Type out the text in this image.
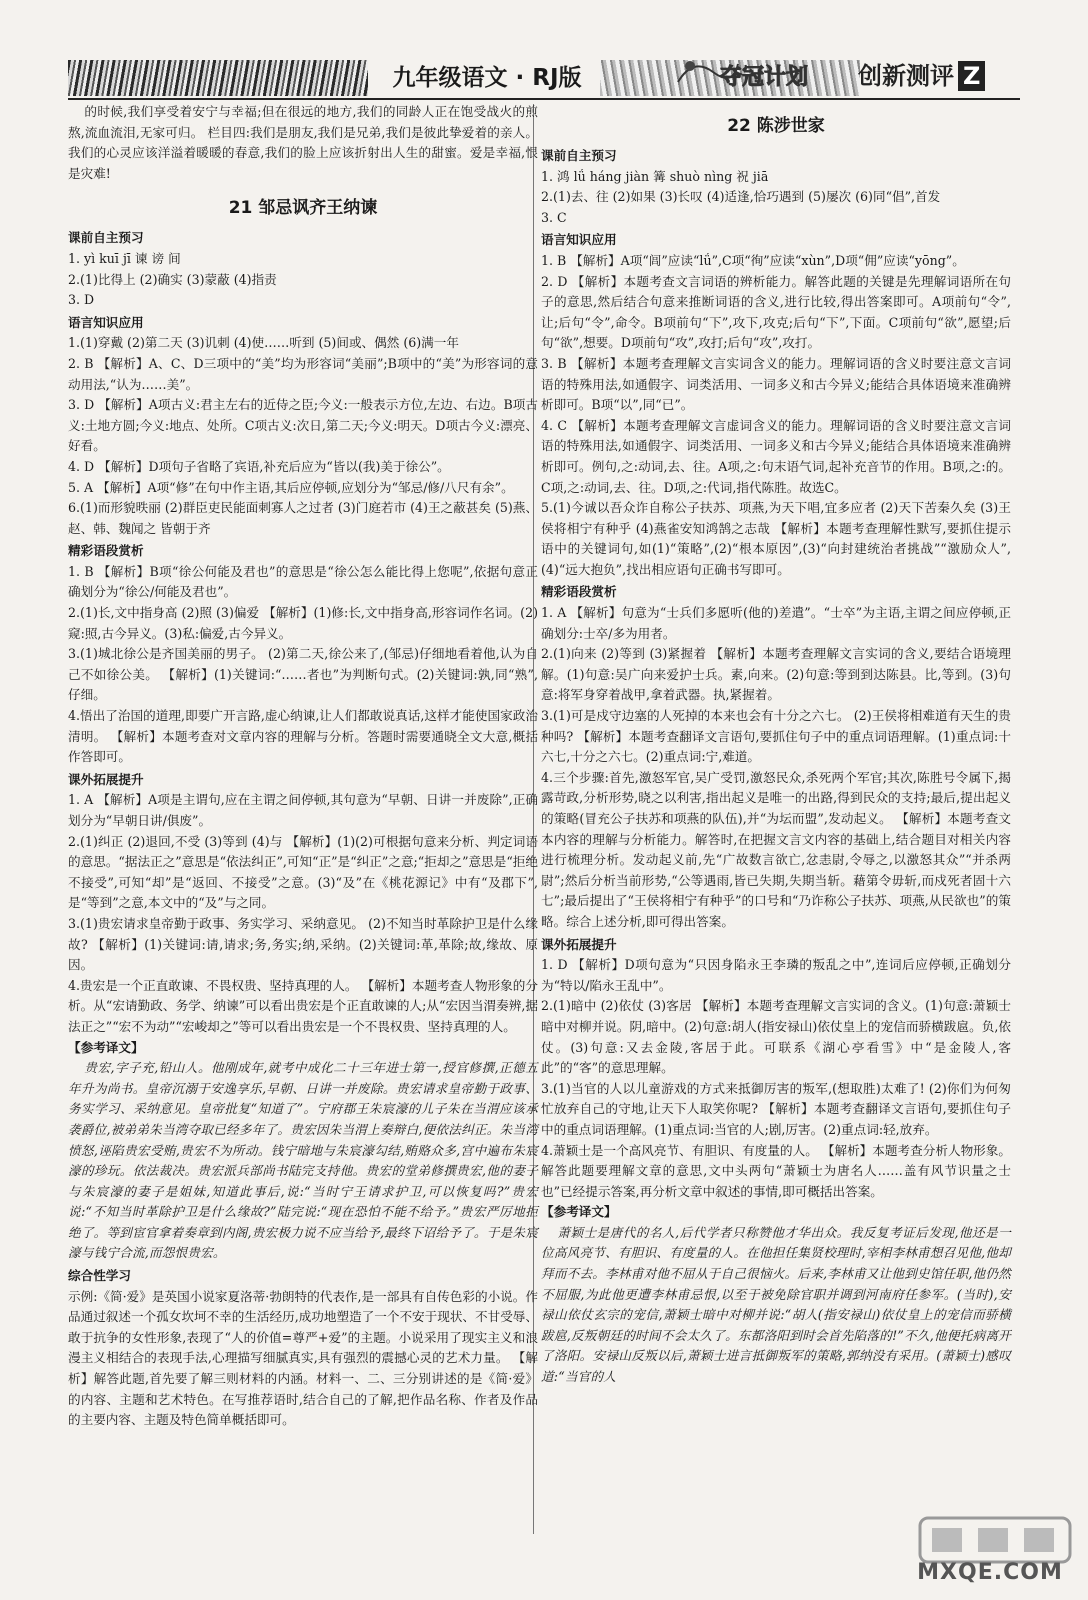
九年级语文 · RJ版	夺冠计划 创新测评 Z

的时候,我们享受着安宁与幸福;但在很远的地方,我们的同龄人正在饱受战火的煎熬,流血流泪,无家可归。 栏目四:我们是朋友,我们是兄弟,我们是彼此挚爱着的亲人。我们的心灵应该洋溢着暖暖的春意,我们的脸上应该折射出人生的甜蜜。爱是幸福,恨是灾难!

21 邹忌讽齐王纳谏
课前自主预习

1. yì kuī jī 谏 谤 间

2.(1)比得上 (2)确实 (3)蒙蔽 (4)指责

3. D

语言知识应用

1.(1)穿戴 (2)第二天 (3)讥刺 (4)使……听到 (5)间或、偶然 (6)满一年

2. B 【解析】A、C、D三项中的“美”均为形容词“美丽”;B项中的“美”为形容词的意动用法,“认为……美”。

3. D 【解析】A项古义:君主左右的近侍之臣;今义:一般表示方位,左边、右边。B项古义:土地方圆;今义:地点、处所。C项古义:次日,第二天;今义:明天。D项古今义:漂亮、好看。

4. D 【解析】D项句子省略了宾语,补充后应为“皆以(我)美于徐公”。

5. A 【解析】A项“修”在句中作主语,其后应停顿,应划分为“邹忌/修/八尺有余”。

6.(1)而形貌昳丽 (2)群臣吏民能面刺寡人之过者 (3)门庭若市 (4)王之蔽甚矣 (5)燕、赵、韩、魏闻之 皆朝于齐

精彩语段赏析

1. B 【解析】B项“徐公何能及君也”的意思是“徐公怎么能比得上您呢”,依据句意正确划分为“徐公/何能及君也”。

2.(1)长,文中指身高 (2)照 (3)偏爱 【解析】(1)修:长,文中指身高,形容词作名词。(2)窥:照,古今异义。(3)私:偏爱,古今异义。

3.(1)城北徐公是齐国美丽的男子。 (2)第二天,徐公来了,(邹忌)仔细地看着他,认为自己不如徐公美。 【解析】(1)关键词:“……者也”为判断句式。(2)关键词:孰,同“熟”,仔细。

4.悟出了治国的道理,即要广开言路,虚心纳谏,让人们都敢说真话,这样才能使国家政治清明。 【解析】本题考查对文章内容的理解与分析。答题时需要通晓全文大意,概括作答即可。

课外拓展提升

1. A 【解析】A项是主谓句,应在主谓之间停顿,其句意为“早朝、日讲一并废除”,正确划分为“早朝日讲/俱废”。

2.(1)纠正 (2)退回,不受 (3)等到 (4)与 【解析】(1)(2)可根据句意来分析、判定词语的意思。“据法正之”意思是“依法纠正”,可知“正”是“纠正”之意;“拒却之”意思是“拒绝不接受”,可知“却”是“返回、不接受”之意。(3)“及”在《桃花源记》中有“及郡下”,是“等到”之意,本文中的“及”与之同。

3.(1)贵宏请求皇帝勤于政事、务实学习、采纳意见。 (2)不知当时革除护卫是什么缘故? 【解析】(1)关键词:请,请求;务,务实;纳,采纳。(2)关键词:革,革除;故,缘故、原因。

4.贵宏是一个正直敢谏、不畏权贵、坚持真理的人。 【解析】本题考查人物形象的分析。从“宏请勤政、务学、纳谏”可以看出贵宏是个正直敢谏的人;从“宏因当渭奏辨,据法正之”“宏不为动”“宏峻却之”等可以看出贵宏是一个不畏权贵、坚持真理的人。

【参考译文】

贵宏,字子充,铅山人。他刚成年,就考中成化二十三年进士第一,授官修撰,正德五年升为尚书。皇帝沉溺于安逸享乐,早朝、日讲一并废除。贵宏请求皇帝勤于政事、务实学习、采纳意见。皇帝批复“知道了”。宁府郡王朱宸濠的儿子朱在当渭应该承袭爵位,被弟弟朱当湾夺取已经多年了。贵宏因朱当渭上奏辩白,便依法纠正。朱当湾愤怒,诬陷贵宏受贿,贵宏不为所动。钱宁暗地与朱宸濠勾结,贿赂众多,宫中遍布朱宸濠的珍玩。依法裁决。贵宏派兵部尚书陆完支持他。贵宏的堂弟修撰贵宏,他的妻子与朱宸濠的妻子是姐妹,知道此事后,说:“当时宁王请求护卫,可以恢复吗?”贵宏说:“不知当时革除护卫是什么缘故?”陆完说:“现在恐怕不能不给予。”贵宏严厉地拒绝了。等到宦官拿着奏章到内阁,贵宏极力说不应当给予,最终下诏给予了。于是朱宸濠与钱宁合流,而怨恨贵宏。

综合性学习

示例:《简·爱》是英国小说家夏洛蒂·勃朗特的代表作,是一部具有自传色彩的小说。作品通过叙述一个孤女坎坷不幸的生活经历,成功地塑造了一个不安于现状、不甘受辱、敢于抗争的女性形象,表现了“人的价值=尊严+爱”的主题。小说采用了现实主义和浪漫主义相结合的表现手法,心理描写细腻真实,具有强烈的震撼心灵的艺术力量。 【解析】解答此题,首先要了解三则材料的内涵。材料一、二、三分别讲述的是《简·爱》的内容、主题和艺术特色。在写推荐语时,结合自己的了解,把作品名称、作者及作品的主要内容、主题及特色简单概括即可。

22 陈涉世家
课前自主预习

1. 鸿 lǘ háng jiàn 篝 shuò nìng 祝 jiā

2.(1)去、往 (2)如果 (3)长叹 (4)适逢,恰巧遇到 (5)屡次 (6)同“倡”,首发

3. C

语言知识应用

1. B 【解析】A项“闾”应读“lǘ”,C项“徇”应读“xùn”,D项“佣”应读“yōng”。

2. D 【解析】本题考查文言词语的辨析能力。解答此题的关键是先理解词语所在句子的意思,然后结合句意来推断词语的含义,进行比较,得出答案即可。A项前句“令”,让;后句“令”,命令。B项前句“下”,攻下,攻克;后句“下”,下面。C项前句“欲”,愿望;后句“欲”,想要。D项前句“攻”,攻打;后句“攻”,攻打。

3. B 【解析】本题考查理解文言实词含义的能力。理解词语的含义时要注意文言词语的特殊用法,如通假字、词类活用、一词多义和古今异义;能结合具体语境来准确辨析即可。B项“以”,同“已”。

4. C 【解析】本题考查理解文言虚词含义的能力。理解词语的含义时要注意文言词语的特殊用法,如通假字、词类活用、一词多义和古今异义;能结合具体语境来准确辨析即可。例句,之:动词,去、往。A项,之:句末语气词,起补充音节的作用。B项,之:的。C项,之:动词,去、往。D项,之:代词,指代陈胜。故选C。

5.(1)今诚以吾众诈自称公子扶苏、项燕,为天下唱,宜多应者 (2)天下苦秦久矣 (3)王侯将相宁有种乎 (4)燕雀安知鸿鹄之志哉 【解析】本题考查理解性默写,要抓住提示语中的关键词句,如(1)“策略”,(2)“根本原因”,(3)“向封建统治者挑战”“激励众人”,(4)“远大抱负”,找出相应语句正确书写即可。

精彩语段赏析

1. A 【解析】句意为“士兵们多愿听(他的)差遣”。“士卒”为主语,主谓之间应停顿,正确划分:士卒/多为用者。

2.(1)向来 (2)等到 (3)紧握着 【解析】本题考查理解文言实词的含义,要结合语境理解。(1)句意:吴广向来爱护士兵。素,向来。(2)句意:等到到达陈县。比,等到。(3)句意:将军身穿着战甲,拿着武器。执,紧握着。

3.(1)可是戍守边塞的人死掉的本来也会有十分之六七。 (2)王侯将相难道有天生的贵种吗? 【解析】本题考查翻译文言语句,要抓住句子中的重点词语理解。(1)重点词:十六七,十分之六七。(2)重点词:宁,难道。

4.三个步骤:首先,激怒军官,吴广受罚,激怒民众,杀死两个军官;其次,陈胜号令属下,揭露苛政,分析形势,晓之以利害,指出起义是唯一的出路,得到民众的支持;最后,提出起义的策略(冒充公子扶苏和项燕的队伍),并“为坛而盟”,发动起义。 【解析】本题考查文本内容的理解与分析能力。解答时,在把握文言文内容的基础上,结合题目对相关内容进行梳理分析。发动起义前,先“广故数言欲亡,忿恚尉,令辱之,以激怒其众”“并杀两尉”;然后分析当前形势,“公等遇雨,皆已失期,失期当斩。藉第令毋斩,而戍死者固十六七”;最后提出了“王侯将相宁有种乎”的口号和“乃诈称公子扶苏、项燕,从民欲也”的策略。综合上述分析,即可得出答案。

课外拓展提升

1. D 【解析】D项句意为“只因身陷永王李璘的叛乱之中”,连词后应停顿,正确划分为“特以/陷永王乱中”。

2.(1)暗中 (2)依仗 (3)客居 【解析】本题考查理解文言实词的含义。(1)句意:萧颖士暗中对柳并说。阴,暗中。(2)句意:胡人(指安禄山)依仗皇上的宠信而骄横跋扈。负,依仗。(3)句意:又去金陵,客居于此。可联系《湖心亭看雪》中“是金陵人,客此”的“客”的意思理解。

3.(1)当官的人以儿童游戏的方式来抵御厉害的叛军,(想取胜)太难了! (2)你们为何匆忙放弃自己的守地,让天下人取笑你呢? 【解析】本题考查翻译文言语句,要抓住句子中的重点词语理解。(1)重点词:当官的人;剧,厉害。(2)重点词:轻,放弃。

4.萧颖士是一个高风亮节、有胆识、有度量的人。 【解析】本题考查分析人物形象。解答此题要理解文章的意思,文中头两句“萧颖士为唐名人……盖有风节识量之士也”已经提示答案,再分析文章中叙述的事情,即可概括出答案。

【参考译文】

萧颖士是唐代的名人,后代学者只称赞他才华出众。我反复考证后发现,他还是一位高风亮节、有胆识、有度量的人。在他担任集贤校理时,宰相李林甫想召见他,他却拜而不去。李林甫对他不屈从于自己很恼火。后来,李林甫又让他到史馆任职,他仍然不屈服,为此他更遭李林甫忌恨,以至于被免除官职并调到河南府任参军。(当时),安禄山依仗玄宗的宠信,萧颖士暗中对柳并说:“胡人(指安禄山)依仗皇上的宠信而骄横跋扈,反叛朝廷的时间不会太久了。东都洛阳到时会首先陷落的!”不久,他便托病离开了洛阳。安禄山反叛以后,萧颖士进言抵御叛军的策略,郭纳没有采用。(萧颖士)感叹道:“当官的人

MXQE.COM
